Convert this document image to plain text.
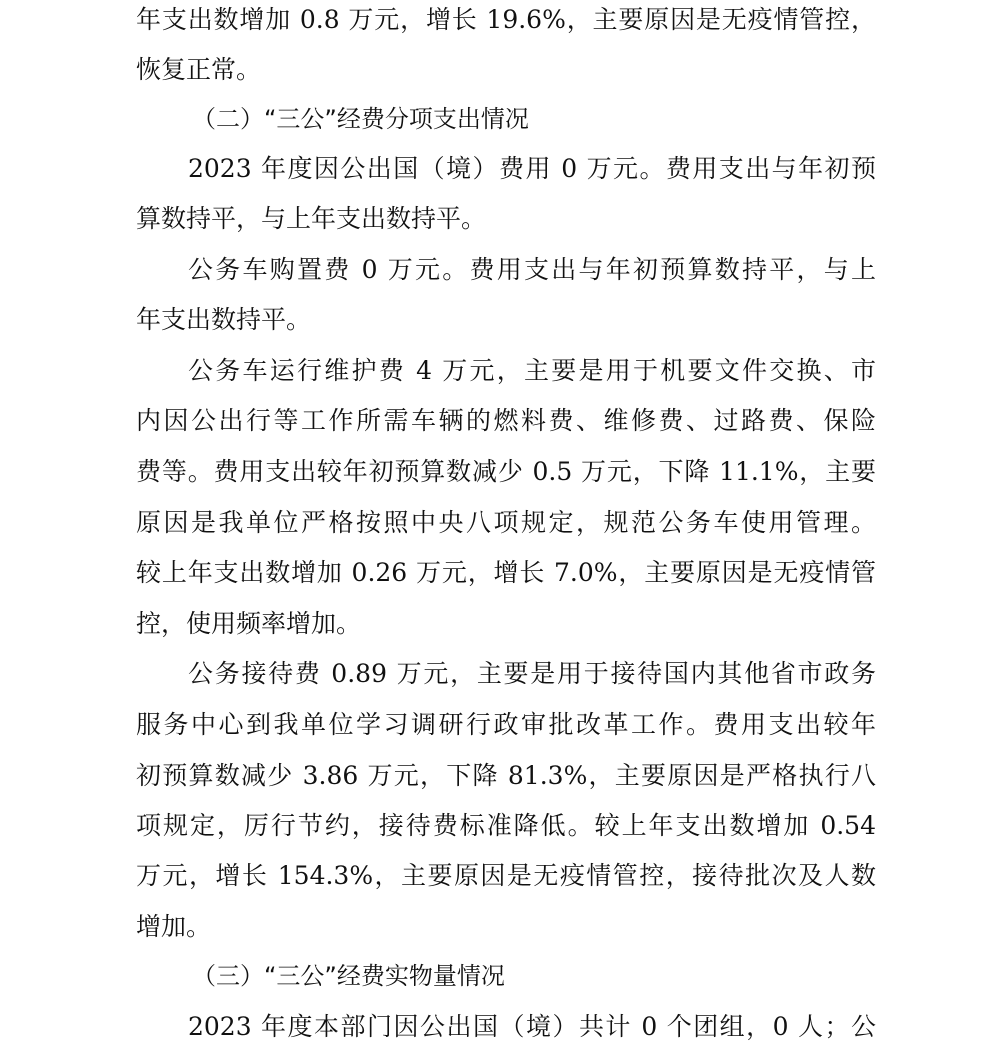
年支出数增加 0.8 万元，增长 19.6%，主要原因是无疫情管控，
恢复正常。
（二）“三公”经费分项支出情况
2023 年度因公出国（境）费用 0 万元。费用支出与年初预
算数持平，与上年支出数持平。
公务车购置费 0 万元。费用支出与年初预算数持平，与上
年支出数持平。
公务车运行维护费 4 万元，主要是用于机要文件交换、市
内因公出行等工作所需车辆的燃料费、维修费、过路费、保险
费等。费用支出较年初预算数减少 0.5 万元，下降 11.1%，主要
原因是我单位严格按照中央八项规定，规范公务车使用管理。
较上年支出数增加 0.26 万元，增长 7.0%，主要原因是无疫情管
控，使用频率增加。
公务接待费 0.89 万元，主要是用于接待国内其他省市政务
服务中心到我单位学习调研行政审批改革工作。费用支出较年
初预算数减少 3.86 万元，下降 81.3%，主要原因是严格执行八
项规定，厉行节约，接待费标准降低。较上年支出数增加 0.54
万元，增长 154.3%，主要原因是无疫情管控，接待批次及人数
增加。
（三）“三公”经费实物量情况
2023 年度本部门因公出国（境）共计 0 个团组，0 人；公
